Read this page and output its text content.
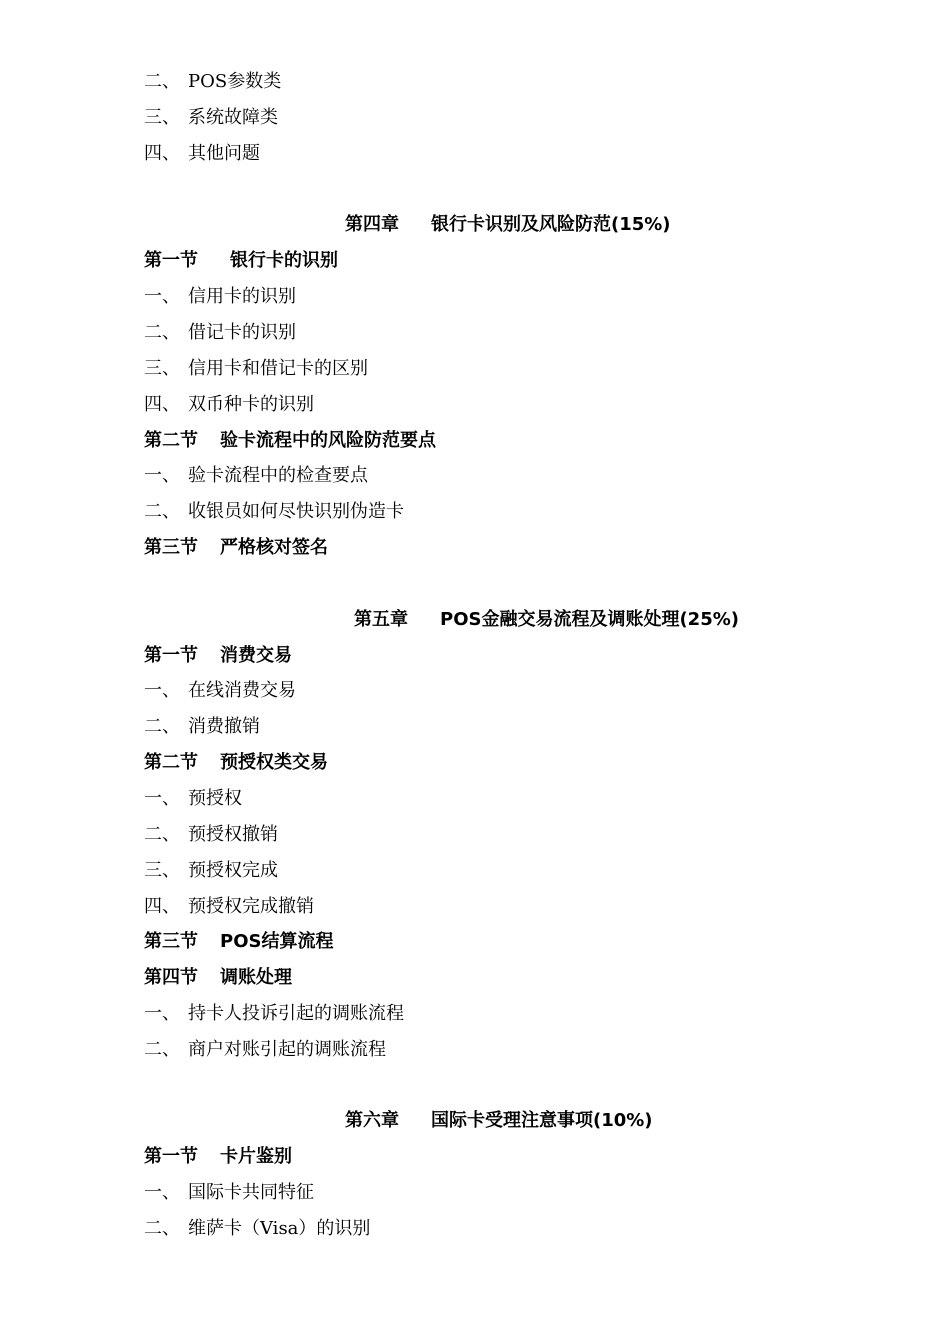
二、 POS参数类
三、 系统故障类
四、 其他问题
第四章 银行卡识别及风险防范(15%)
第一节 银行卡的识别
一、 信用卡的识别
二、 借记卡的识别
三、 信用卡和借记卡的区别
四、 双币种卡的识别
第二节 验卡流程中的风险防范要点
一、 验卡流程中的检查要点
二、 收银员如何尽快识别伪造卡
第三节 严格核对签名
第五章 POS金融交易流程及调账处理(25%)
第一节 消费交易
一、 在线消费交易
二、 消费撤销
第二节 预授权类交易
一、 预授权
二、 预授权撤销
三、 预授权完成
四、 预授权完成撤销
第三节 POS结算流程
第四节 调账处理
一、 持卡人投诉引起的调账流程
二、 商户对账引起的调账流程
第六章 国际卡受理注意事项(10%)
第一节 卡片鉴别
一、 国际卡共同特征
二、 维萨卡（Visa）的识别
